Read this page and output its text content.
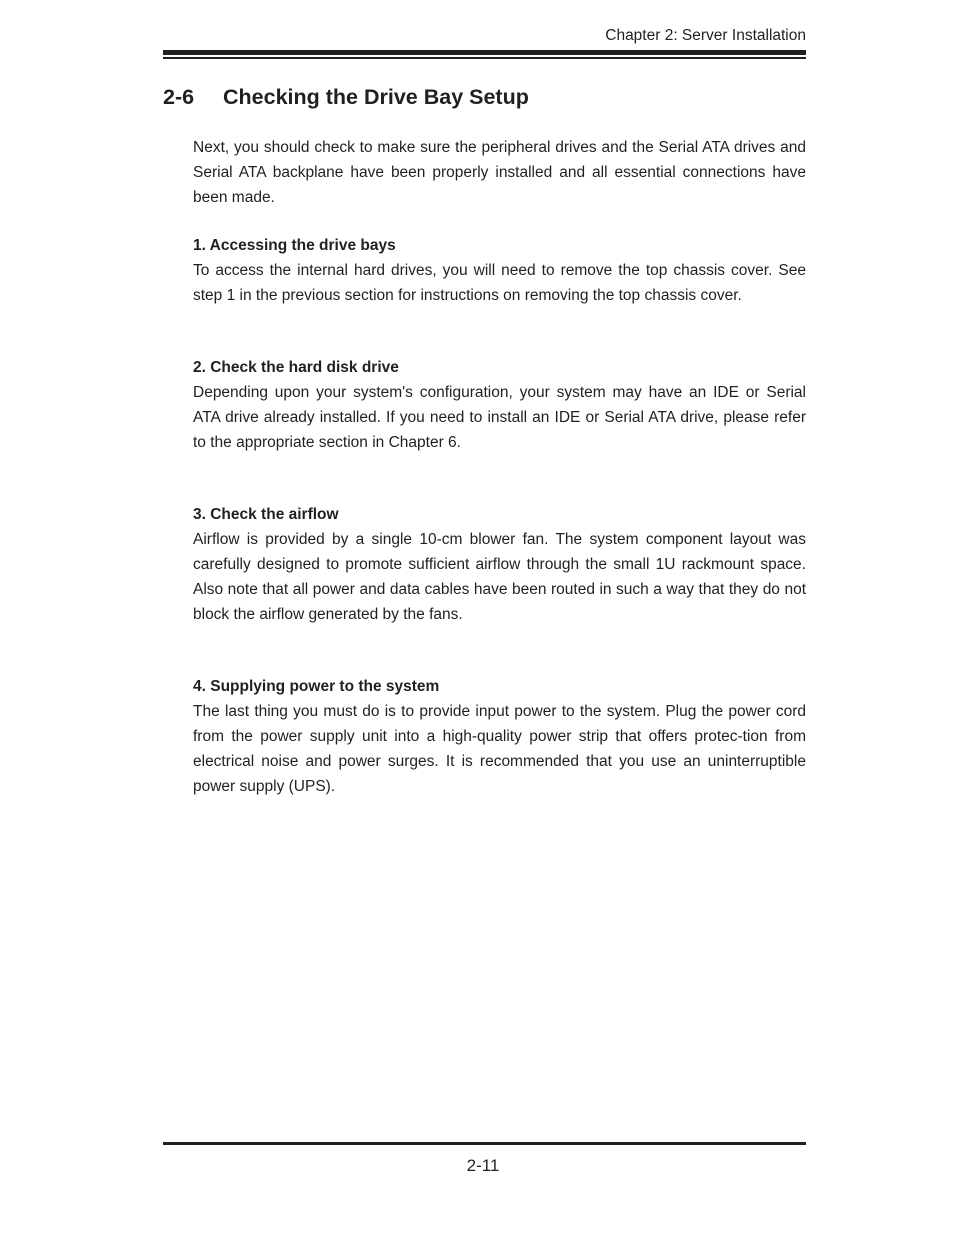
Chapter 2: Server Installation
2-6 Checking the Drive Bay Setup

Next, you should check to make sure the peripheral drives and the Serial ATA drives and Serial ATA backplane have been properly installed and all essential connections have been made.

1. Accessing the drive bays

To access the internal hard drives, you will need to remove the top chassis cover. See step 1 in the previous section for instructions on removing the top chassis cover.

2. Check the hard disk drive

Depending upon your system's configuration, your system may have an IDE or Serial ATA drive already installed. If you need to install an IDE or Serial ATA drive, please refer to the appropriate section in Chapter 6.

3. Check the airflow

Airflow is provided by a single 10-cm blower fan. The system component layout was carefully designed to promote sufficient airflow through the small 1U rackmount space. Also note that all power and data cables have been routed in such a way that they do not block the airflow generated by the fans.

4. Supplying power to the system

The last thing you must do is to provide input power to the system. Plug the power cord from the power supply unit into a high-quality power strip that offers protec-tion from electrical noise and power surges. It is recommended that you use an uninterruptible power supply (UPS).

2-11
